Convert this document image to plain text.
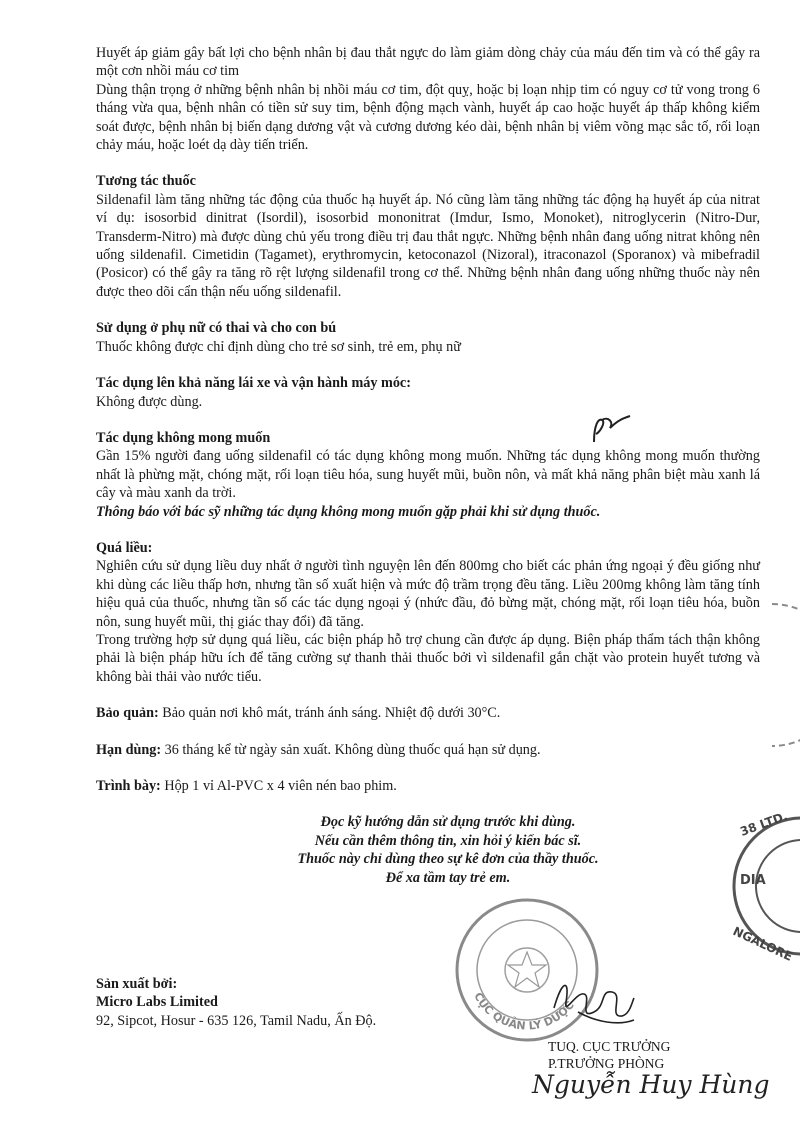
Huyết áp giảm gây bất lợi cho bệnh nhân bị đau thắt ngực do làm giảm dòng chảy của máu đến tim và có thể gây ra một cơn nhồi máu cơ tim

Dùng thận trọng ở những bệnh nhân bị nhồi máu cơ tim, đột quỵ, hoặc bị loạn nhịp tim có nguy cơ tử vong trong 6 tháng vừa qua, bệnh nhân có tiền sử suy tim, bệnh động mạch vành, huyết áp cao hoặc huyết áp thấp không kiểm soát được, bệnh nhân bị biến dạng dương vật và cương dương kéo dài, bệnh nhân bị viêm võng mạc sắc tố, rối loạn chảy máu, hoặc loét dạ dày tiến triển.

Tương tác thuốc

Sildenafil làm tăng những tác động của thuốc hạ huyết áp. Nó cũng làm tăng những tác động hạ huyết áp của nitrat ví dụ: isosorbid dinitrat (Isordil), isosorbid mononitrat (Imdur, Ismo, Monoket), nitroglycerin (Nitro-Dur, Transderm-Nitro) mà được dùng chủ yếu trong điều trị đau thắt ngực. Những bệnh nhân đang uống nitrat không nên uống sildenafil. Cimetidin (Tagamet), erythromycin, ketoconazol (Nizoral), itraconazol (Sporanox) và mibefradil (Posicor) có thể gây ra tăng rõ rệt lượng sildenafil trong cơ thể. Những bệnh nhân đang uống những thuốc này nên được theo dõi cẩn thận nếu uống sildenafil.

Sử dụng ở phụ nữ có thai và cho con bú

Thuốc không được chỉ định dùng cho trẻ sơ sinh, trẻ em, phụ nữ

Tác dụng lên khả năng lái xe và vận hành máy móc:

Không được dùng.

Tác dụng không mong muốn

Gần 15% người đang uống sildenafil có tác dụng không mong muốn. Những tác dụng không mong muốn thường nhất là phừng mặt, chóng mặt, rối loạn tiêu hóa, sung huyết mũi, buồn nôn, và mất khả năng phân biệt màu xanh lá cây và màu xanh da trời.

Thông báo với bác sỹ những tác dụng không mong muốn gặp phải khi sử dụng thuốc.

Quá liều:

Nghiên cứu sử dụng liều duy nhất ở người tình nguyện lên đến 800mg cho biết các phản ứng ngoại ý đều giống như khi dùng các liều thấp hơn, nhưng tần số xuất hiện và mức độ trầm trọng đều tăng. Liều 200mg không làm tăng tính hiệu quả của thuốc, nhưng tần số các tác dụng ngoại ý (nhức đầu, đỏ bừng mặt, chóng mặt, rối loạn tiêu hóa, buồn nôn, sung huyết mũi, thị giác thay đổi) đã tăng.

Trong trường hợp sử dụng quá liều, các biện pháp hỗ trợ chung cần được áp dụng. Biện pháp thẩm tách thận không phải là biện pháp hữu ích để tăng cường sự thanh thải thuốc bởi vì sildenafil gắn chặt vào protein huyết tương và không bài thải vào nước tiểu.

Bảo quản: Bảo quản nơi khô mát, tránh ánh sáng. Nhiệt độ dưới 30°C.

Hạn dùng: 36 tháng kể từ ngày sản xuất. Không dùng thuốc quá hạn sử dụng.

Trình bày: Hộp 1 vỉ Al-PVC x 4 viên nén bao phim.

Đọc kỹ hướng dẫn sử dụng trước khi dùng.

Nếu cần thêm thông tin, xin hỏi ý kiến bác sĩ.

Thuốc này chỉ dùng theo sự kê đơn của thầy thuốc.

Để xa tầm tay trẻ em.

Sản xuất bởi:

Micro Labs Limited

92, Sipcot, Hosur - 635 126, Tamil Nadu, Ấn Độ.

38 LTD.
DIA
NGALORE
CỤC QUẢN LÝ DƯỢC

TUQ. CỤC TRƯỞNG

P.TRƯỞNG PHÒNG

Nguyễn Huy Hùng
